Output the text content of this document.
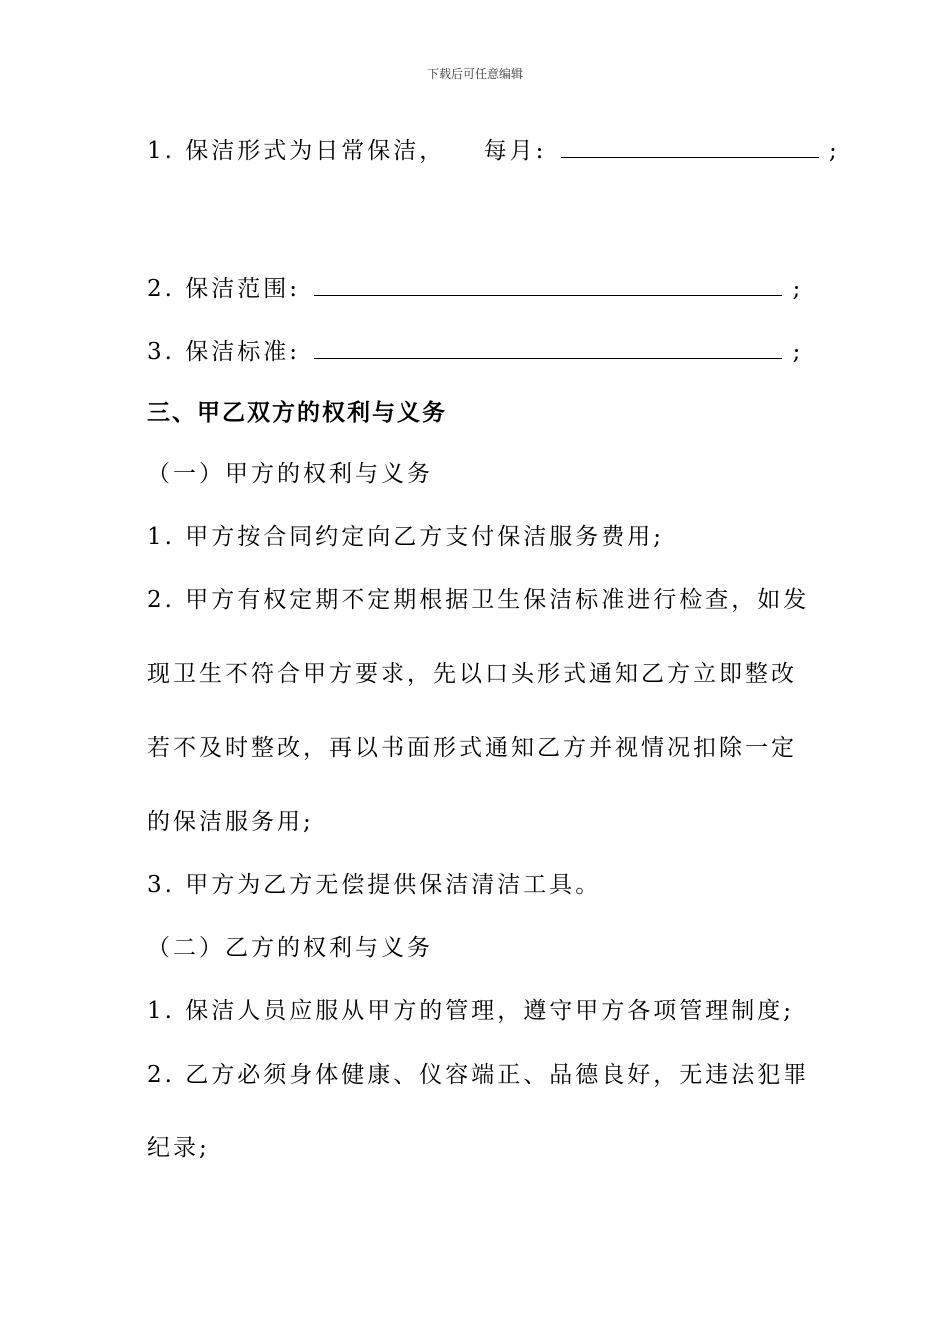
下载后可任意编辑
1. 保洁形式为日常保洁， 每月:	;
2. 保洁范围:	;
3. 保洁标准:	;
三、甲乙双方的权利与义务
（一）甲方的权利与义务
1. 甲方按合同约定向乙方支付保洁服务费用;
2. 甲方有权定期不定期根据卫生保洁标准进行检查，如发
现卫生不符合甲方要求，先以口头形式通知乙方立即整改
若不及时整改，再以书面形式通知乙方并视情况扣除一定
的保洁服务用;
3. 甲方为乙方无偿提供保洁清洁工具。
（二）乙方的权利与义务
1. 保洁人员应服从甲方的管理，遵守甲方各项管理制度;
2. 乙方必须身体健康、仪容端正、品德良好，无违法犯罪
纪录;
